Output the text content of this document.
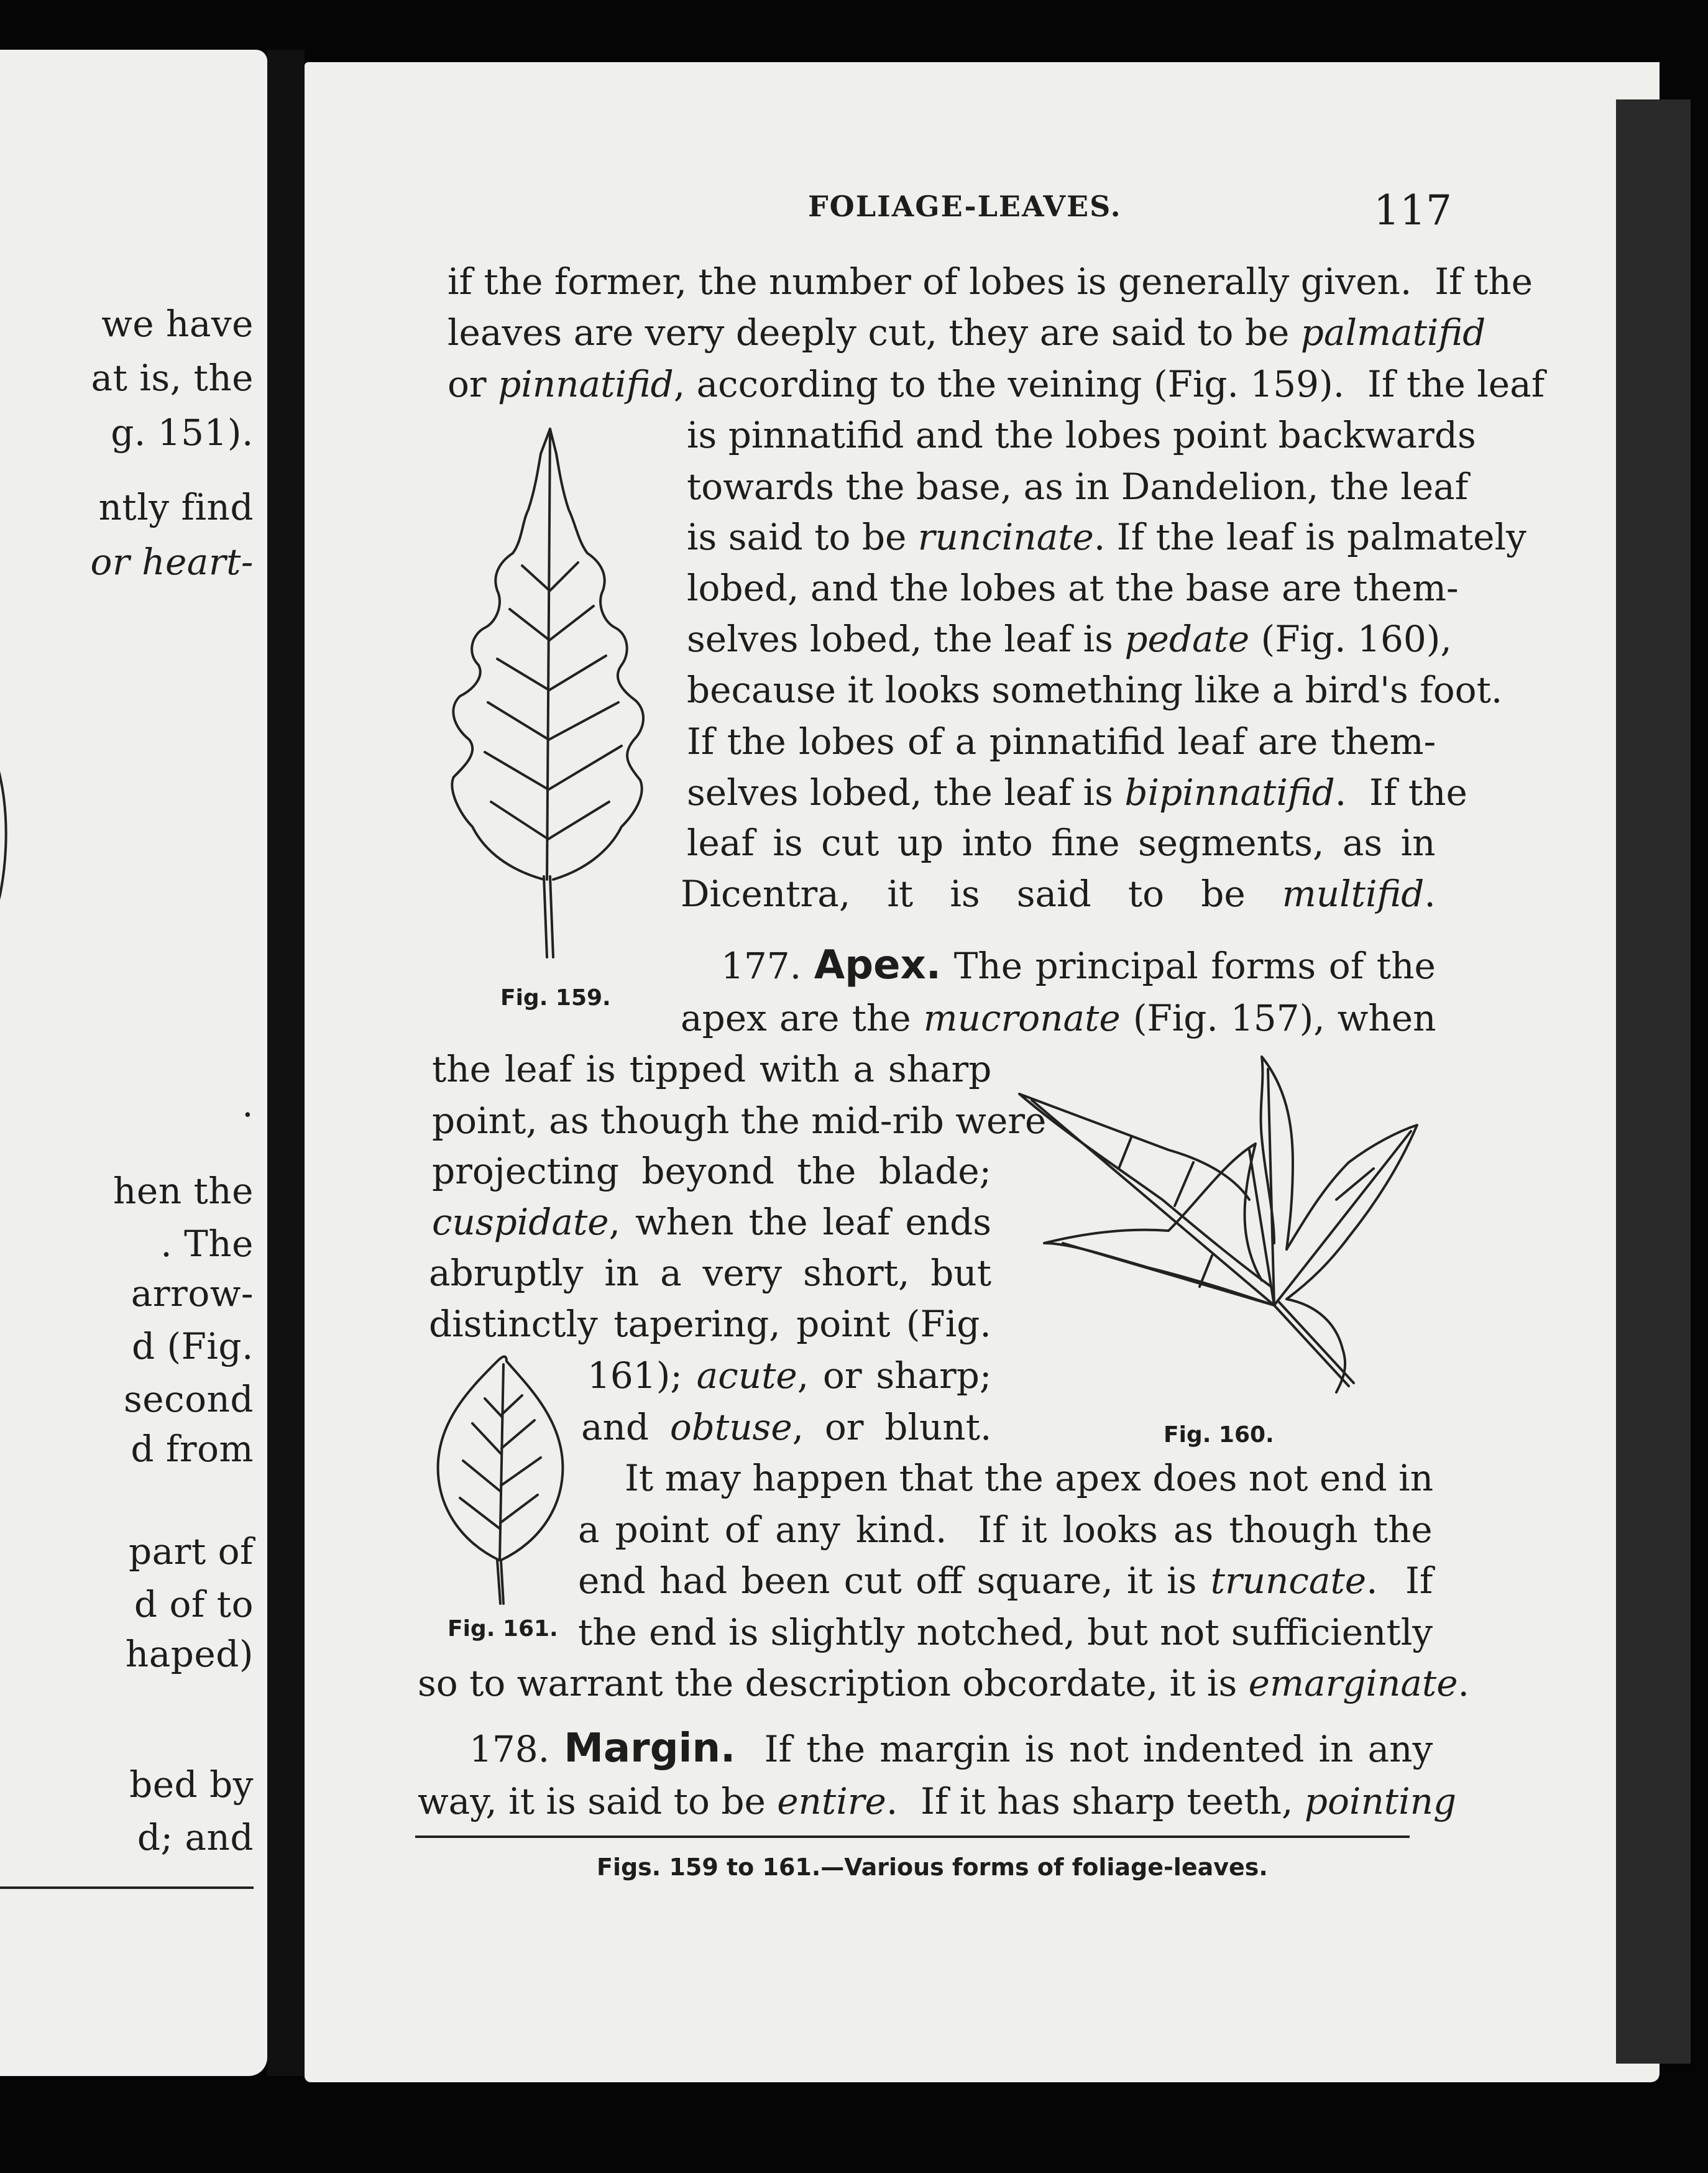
we have
at is, the
g. 151).
ntly find
or heart-
.
hen the
. The
arrow-
d (Fig.
second
d from
part of
d of to
haped)
bed by
d; and
FOLIAGE-LEAVES.	117
if the former, the number of lobes is generally given.  If the
leaves are very deeply cut, they are said to be palmatifid
or pinnatifid, according to the veining (Fig. 159).  If the leaf
Fig. 159.
is pinnatifid and the lobes point backwards
towards the base, as in Dandelion, the leaf
is said to be runcinate. If the leaf is palmately
lobed, and the lobes at the base are them-
selves lobed, the leaf is pedate (Fig. 160),
because it looks something like a bird's foot.
If the lobes of a pinnatifid leaf are them-
selves lobed, the leaf is bipinnatifid.  If the
leaf is cut up into fine segments, as in
Dicentra, it is said to be multifid.
177. Apex. The principal forms of the
apex are the mucronate (Fig. 157), when
the leaf is tipped with a sharp
point, as though the mid-rib were
projecting beyond the blade;
cuspidate, when the leaf ends
abruptly in a very short, but
distinctly tapering, point (Fig.
161); acute, or sharp;
and obtuse, or blunt.	Fig. 160.
Fig. 161.
It may happen that the apex does not end in
a point of any kind.  If it looks as though the
end had been cut off square, it is truncate.  If
the end is slightly notched, but not sufficiently
so to warrant the description obcordate, it is emarginate.
178. Margin. If the margin is not indented in any
way, it is said to be entire.  If it has sharp teeth, pointing
Figs. 159 to 161.—Various forms of foliage-leaves.
